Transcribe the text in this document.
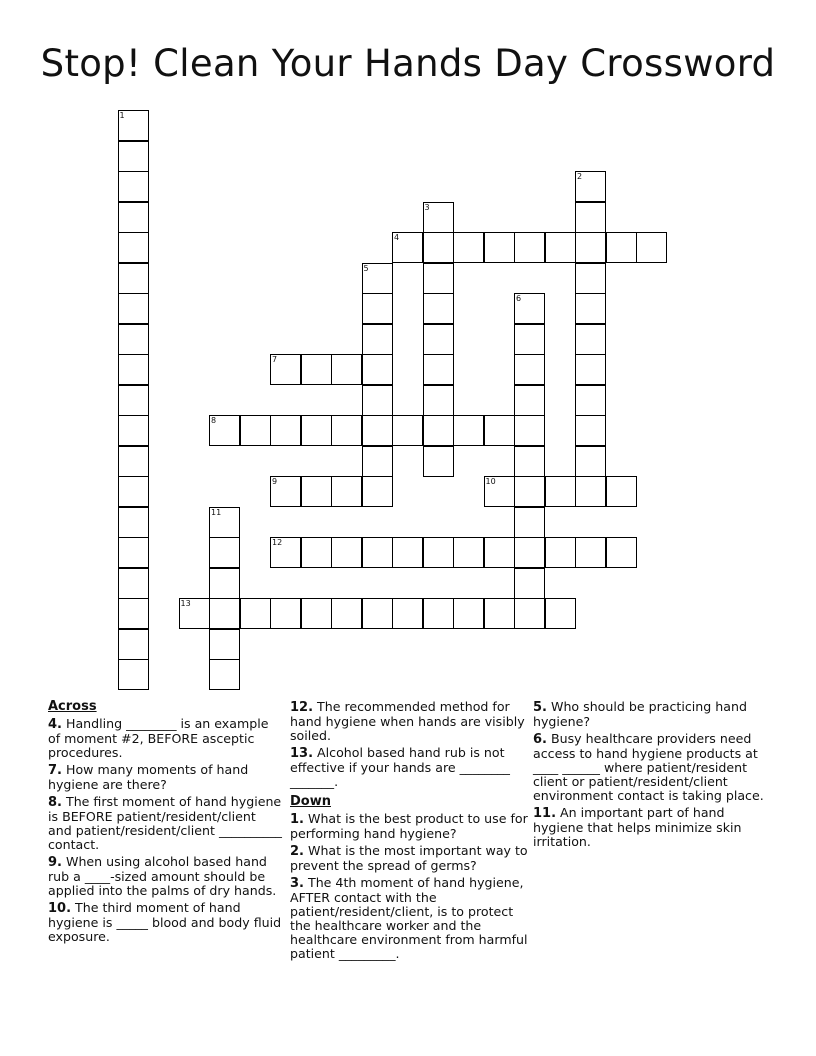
Stop! Clean Your Hands Day Crossword
1
2
3
4
5
6
7
8
9	10
11
12
13
Across
4. Handling ________ is an example of moment #2, BEFORE asceptic procedures.
7. How many moments of hand hygiene are there?
8. The first moment of hand hygiene is BEFORE patient/resident/client and patient/resident/client __________ contact.
9. When using alcohol based hand rub a ____-sized amount should be applied into the palms of dry hands.
10. The third moment of hand hygiene is _____ blood and body fluid exposure.
12. The recommended method for hand hygiene when hands are visibly soiled.
13. Alcohol based hand rub is not effective if your hands are ________ _______.
Down
1. What is the best product to use for performing hand hygiene?
2. What is the most important way to prevent the spread of germs?
3. The 4th moment of hand hygiene, AFTER contact with the patient/resident/client, is to protect the healthcare worker and the healthcare environment from harmful patient _________.
5. Who should be practicing hand hygiene?
6. Busy healthcare providers need access to hand hygiene products at ____ ______ where patient/resident client or patient/resident/client environment contact is taking place.
11. An important part of hand hygiene that helps minimize skin irritation.
